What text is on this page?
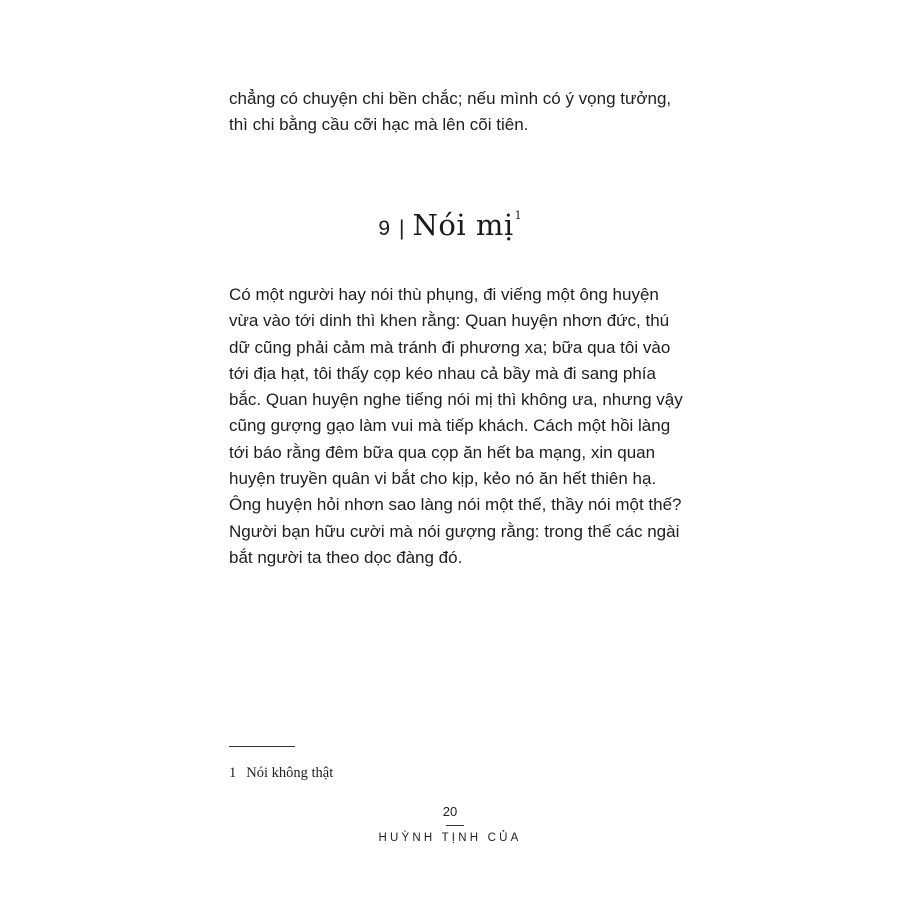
chẳng có chuyện chi bền chắc; nếu mình có ý vọng tưởng,

thì chi bằng cầu cỡi hạc mà lên cõi tiên.

9 | Nói mị$^1$

Có một người hay nói thù phụng, đi viếng một ông huyện

vừa vào tới dinh thì khen rằng: Quan huyện nhơn đức, thú

dữ cũng phải cảm mà tránh đi phương xa; bữa qua tôi vào

tới địa hạt, tôi thấy cọp kéo nhau cả bầy mà đi sang phía

bắc. Quan huyện nghe tiếng nói mị thì không ưa, nhưng vậy

cũng gượng gạo làm vui mà tiếp khách. Cách một hồi làng

tới báo rằng đêm bữa qua cọp ăn hết ba mạng, xin quan

huyện truyền quân vi bắt cho kịp, kẻo nó ăn hết thiên hạ.

Ông huyện hỏi nhơn sao làng nói một thế, thầy nói một thế?

Người bạn hữu cười mà nói gượng rằng: trong thế các ngài

bắt người ta theo dọc đàng đó.

1 Nói không thật
20
HUỲNH TỊNH CỦA
